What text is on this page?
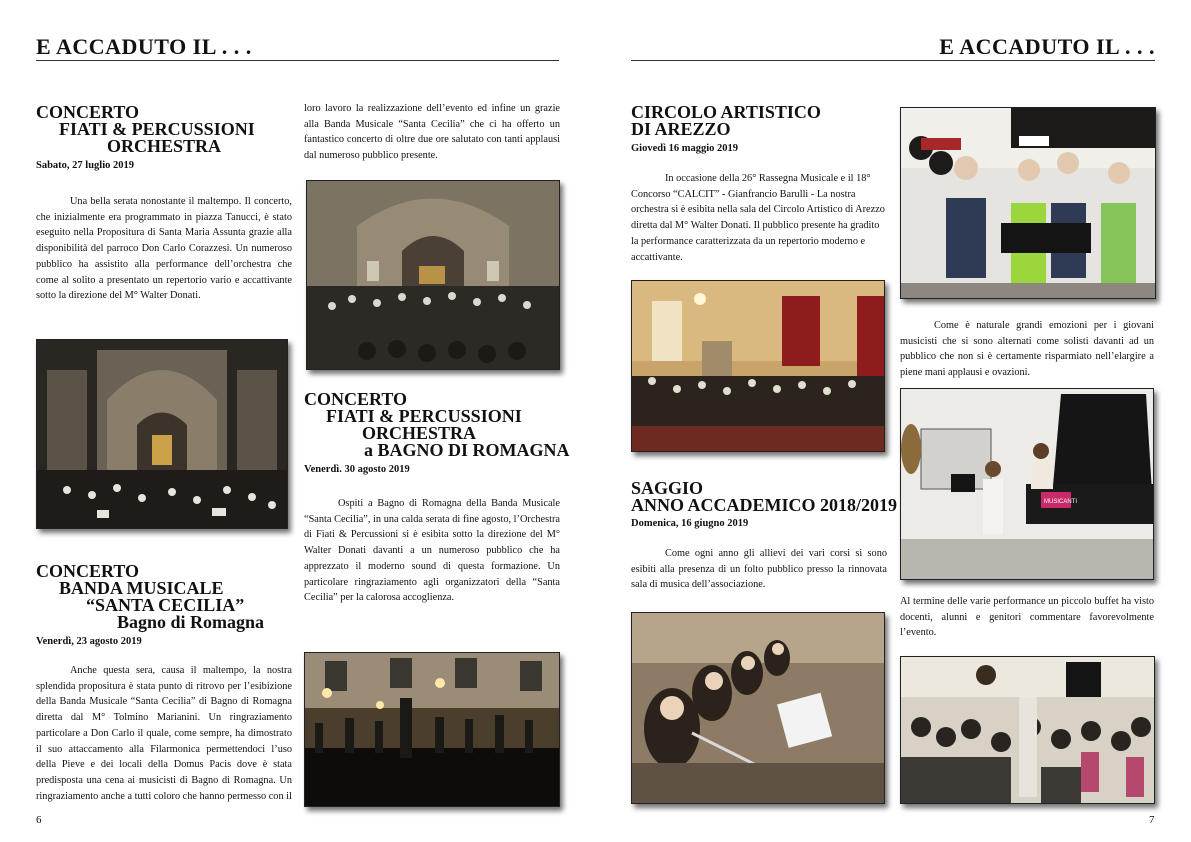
E ACCADUTO IL . . .
CONCERTO
FIATI & PERCUSSIONI
ORCHESTRA
Sabato, 27 luglio 2019
Una bella serata nonostante il maltempo. Il concerto, che inizialmente era programmato in piazza Tanucci, è stato eseguito nella Propositura di Santa Maria Assunta grazie alla disponibilità del parroco Don Carlo Corazzesi. Un numeroso pubblico ha assistito alla performance dell’orchestra che come al solito a presentato un repertorio vario e accattivante sotto la direzione del M° Walter Donati.
CONCERTO
BANDA MUSICALE
“SANTA CECILIA”
Bagno di Romagna
Venerdì, 23 agosto 2019
Anche questa sera, causa il maltempo, la nostra splendida propositura è stata punto di ritrovo per l’esibizione della Banda Musicale “Santa Cecilia” di Bagno di Romagna diretta dal M° Tolmino Marianini. Un ringraziamento particolare a Don Carlo il quale, come sempre, ha dimostrato il suo attaccamento alla Filarmonica permettendoci l’uso della Pieve e dei locali della Domus Pacis dove è stata predisposta una cena ai musicisti di Bagno di Romagna. Un ringraziamento anche a tutti coloro che hanno permesso con il
loro lavoro la realizzazione dell’evento ed infine un grazie alla Banda Musicale “Santa Cecilia” che ci ha offerto un fantastico concerto di oltre due ore salutato con tanti applausi dal numeroso pubblico presente.
CONCERTO
FIATI & PERCUSSIONI
ORCHESTRA
a BAGNO DI ROMAGNA
Venerdì. 30 agosto 2019
Ospiti a Bagno di Romagna della Banda Musicale “Santa Cecilia”, in una calda serata di fine agosto, l’Orchestra di Fiati & Percussioni si è esibita sotto la direzione del M° Walter Donati davanti a un numeroso pubblico che ha apprezzato il moderno sound di questa formazione. Un particolare ringraziamento agli organizzatori della “Santa Cecilia” per la calorosa accoglienza.
6
E ACCADUTO IL . . .
CIRCOLO ARTISTICO
DI AREZZO
Giovedì 16 maggio 2019
In occasione della 26° Rassegna Musicale e il 18° Concorso “CALCIT” - Gianfrancio Barulli - La nostra orchestra si è esibita nella sala del Circolo Artistico di Arezzo diretta dal M° Walter Donati. Il pubblico presente ha gradito la performance caratterizzata da un repertorio moderno e accattivante.
SAGGIO
ANNO ACCADEMICO 2018/2019
Domenica, 16 giugno 2019
Come ogni anno gli allievi dei vari corsi si sono esibiti alla presenza di un folto pubblico presso la rinnovata sala di musica dell’associazione.
Come è naturale grandi emozioni per i giovani musicisti che si sono alternati come solisti davanti ad un pubblico che non si è certamente risparmiato nell’elargire a piene mani applausi e ovazioni.
MUSICANTI
Al termine delle varie performance un piccolo buffet ha visto docenti, alunni e genitori commentare favorevolmente l’evento.
7
